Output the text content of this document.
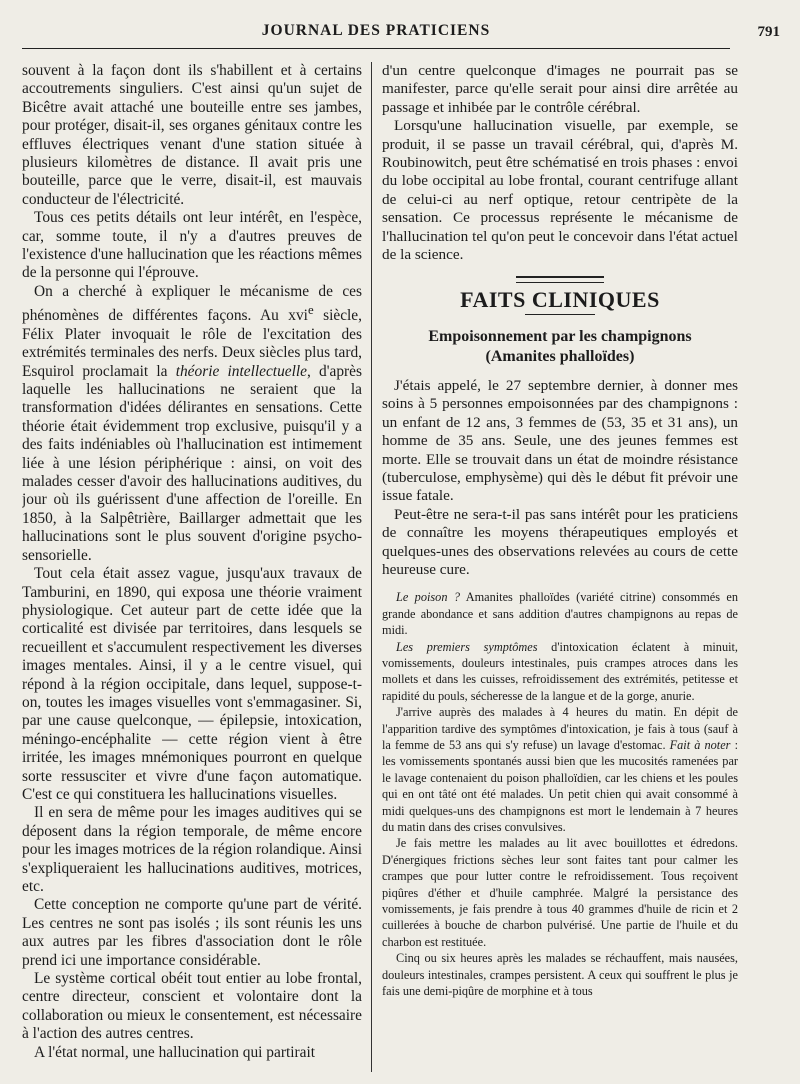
JOURNAL DES PRATICIENS	791

souvent à la façon dont ils s'habillent et à certains accoutrements singuliers. C'est ainsi qu'un sujet de Bicêtre avait attaché une bouteille entre ses jambes, pour protéger, disait-il, ses organes génitaux contre les effluves électriques venant d'une station située à plusieurs kilomètres de distance. Il avait pris une bouteille, parce que le verre, disait-il, est mauvais conducteur de l'électricité.

Tous ces petits détails ont leur intérêt, en l'espèce, car, somme toute, il n'y a d'autres preuves de l'existence d'une hallucination que les réactions mêmes de la personne qui l'éprouve.

On a cherché à expliquer le mécanisme de ces phénomènes de différentes façons. Au xvi$^e$ siècle, Félix Plater invoquait le rôle de l'excitation des extrémités terminales des nerfs. Deux siècles plus tard, Esquirol proclamait la théorie intellectuelle, d'après laquelle les hallucinations ne seraient que la transformation d'idées délirantes en sensations. Cette théorie était évidemment trop exclusive, puisqu'il y a des faits indéniables où l'hallucination est intimement liée à une lésion périphérique : ainsi, on voit des malades cesser d'avoir des hallucinations auditives, du jour où ils guérissent d'une affection de l'oreille. En 1850, à la Salpêtrière, Baillarger admettait que les hallucinations sont le plus souvent d'origine psycho-sensorielle.

Tout cela était assez vague, jusqu'aux travaux de Tamburini, en 1890, qui exposa une théorie vraiment physiologique. Cet auteur part de cette idée que la corticalité est divisée par territoires, dans lesquels se recueillent et s'accumulent respectivement les diverses images mentales. Ainsi, il y a le centre visuel, qui répond à la région occipitale, dans lequel, suppose-t-on, toutes les images visuelles vont s'emmagasiner. Si, par une cause quelconque, — épilepsie, intoxication, méningo-encéphalite — cette région vient à être irritée, les images mnémoniques pourront en quelque sorte ressusciter et vivre d'une façon automatique. C'est ce qui constituera les hallucinations visuelles.

Il en sera de même pour les images auditives qui se déposent dans la région temporale, de même encore pour les images motrices de la région rolandique. Ainsi s'expliqueraient les hallucinations auditives, motrices, etc.

Cette conception ne comporte qu'une part de vérité. Les centres ne sont pas isolés ; ils sont réunis les uns aux autres par les fibres d'association dont le rôle prend ici une importance considérable.

Le système cortical obéit tout entier au lobe frontal, centre directeur, conscient et volontaire dont la collaboration ou mieux le consentement, est nécessaire à l'action des autres centres.

A l'état normal, une hallucination qui partirait

d'un centre quelconque d'images ne pourrait pas se manifester, parce qu'elle serait pour ainsi dire arrêtée au passage et inhibée par le contrôle cérébral.

Lorsqu'une hallucination visuelle, par exemple, se produit, il se passe un travail cérébral, qui, d'après M. Roubinowitch, peut être schématisé en trois phases : envoi du lobe occipital au lobe frontal, courant centrifuge allant de celui-ci au nerf optique, retour centripète de la sensation. Ce processus représente le mécanisme de l'hallucination tel qu'on peut le concevoir dans l'état actuel de la science.

FAITS CLINIQUES
Empoisonnement par les champignons
(Amanites phalloïdes)

J'étais appelé, le 27 septembre dernier, à donner mes soins à 5 personnes empoisonnées par des champignons : un enfant de 12 ans, 3 femmes de (53, 35 et 31 ans), un homme de 35 ans. Seule, une des jeunes femmes est morte. Elle se trouvait dans un état de moindre résistance (tuberculose, emphysème) qui dès le début fit prévoir une issue fatale.

Peut-être ne sera-t-il pas sans intérêt pour les praticiens de connaître les moyens thérapeutiques employés et quelques-unes des observations relevées au cours de cette heureuse cure.

Le poison ? Amanites phalloïdes (variété citrine) consommés en grande abondance et sans addition d'autres champignons au repas de midi.

Les premiers symptômes d'intoxication éclatent à minuit, vomissements, douleurs intestinales, puis crampes atroces dans les mollets et dans les cuisses, refroidissement des extrémités, petitesse et rapidité du pouls, sécheresse de la langue et de la gorge, anurie.

J'arrive auprès des malades à 4 heures du matin. En dépit de l'apparition tardive des symptômes d'intoxication, je fais à tous (sauf à la femme de 53 ans qui s'y refuse) un lavage d'estomac. Fait à noter : les vomissements spontanés aussi bien que les mucosités ramenées par le lavage contenaient du poison phalloïdien, car les chiens et les poules qui en ont tâté ont été malades. Un petit chien qui avait consommé à midi quelques-uns des champignons est mort le lendemain à 7 heures du matin dans des crises convulsives.

Je fais mettre les malades au lit avec bouillottes et édredons. D'énergiques frictions sèches leur sont faites tant pour calmer les crampes que pour lutter contre le refroidissement. Tous reçoivent piqûres d'éther et d'huile camphrée. Malgré la persistance des vomissements, je fais prendre à tous 40 grammes d'huile de ricin et 2 cuillerées à bouche de charbon pulvérisé. Une partie de l'huile et du charbon est restituée.

Cinq ou six heures après les malades se réchauffent, mais nausées, douleurs intestinales, crampes persistent. A ceux qui souffrent le plus je fais une demi-piqûre de morphine et à tous
